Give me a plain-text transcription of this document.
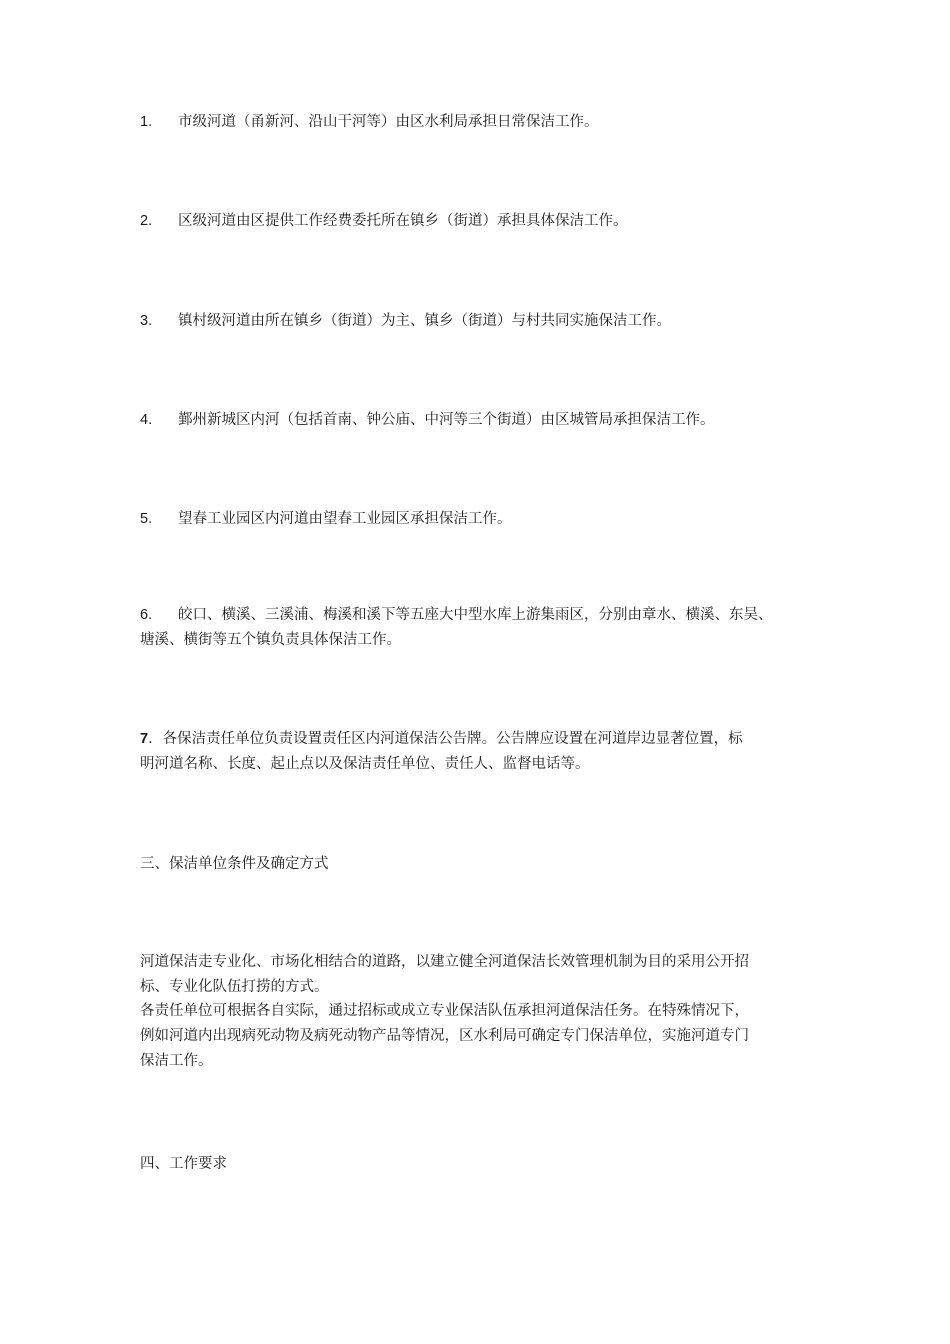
1. 市级河道（甬新河、沿山干河等）由区水利局承担日常保洁工作。
2. 区级河道由区提供工作经费委托所在镇乡（街道）承担具体保洁工作。
3. 镇村级河道由所在镇乡（街道）为主、镇乡（街道）与村共同实施保洁工作。
4. 鄞州新城区内河（包括首南、钟公庙、中河等三个街道）由区城管局承担保洁工作。
5. 望春工业园区内河道由望春工业园区承担保洁工作。
6. 皎口、横溪、三溪浦、梅溪和溪下等五座大中型水库上游集雨区，分别由章水、横溪、东吴、
塘溪、横街等五个镇负责具体保洁工作。
7．各保洁责任单位负责设置责任区内河道保洁公告牌。公告牌应设置在河道岸边显著位置，标
明河道名称、长度、起止点以及保洁责任单位、责任人、监督电话等。
三、保洁单位条件及确定方式
河道保洁走专业化、市场化相结合的道路，以建立健全河道保洁长效管理机制为目的采用公开招
标、专业化队伍打捞的方式。
各责任单位可根据各自实际，通过招标或成立专业保洁队伍承担河道保洁任务。在特殊情况下，
例如河道内出现病死动物及病死动物产品等情况，区水利局可确定专门保洁单位，实施河道专门
保洁工作。
四、工作要求
